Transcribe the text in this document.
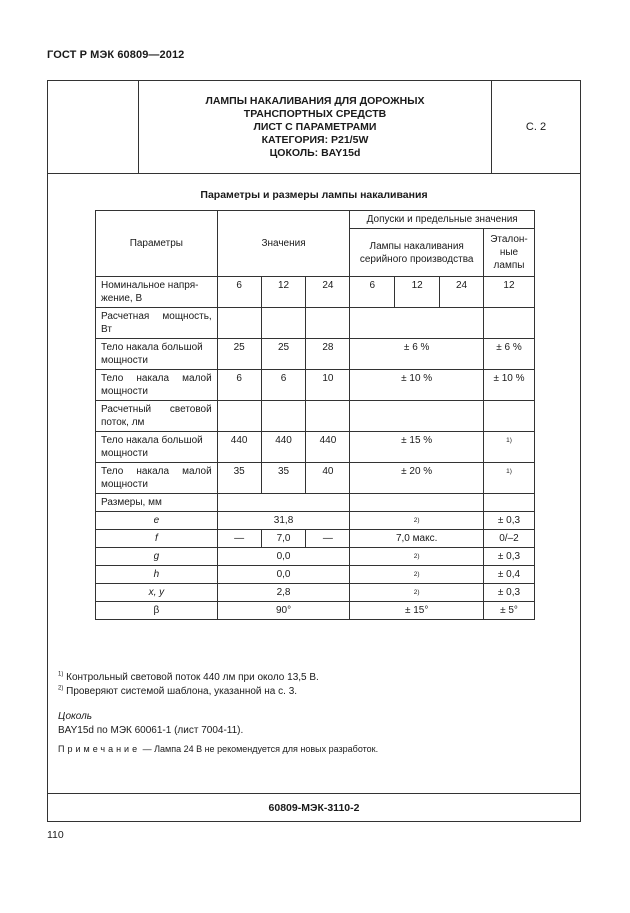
ГОСТ Р МЭК 60809—2012
ЛАМПЫ НАКАЛИВАНИЯ ДЛЯ ДОРОЖНЫХ
ТРАНСПОРТНЫХ СРЕДСТВ
ЛИСТ С ПАРАМЕТРАМИ
КАТЕГОРИЯ: P21/5W
ЦОКОЛЬ: BAY15d
С. 2
Параметры и размеры лампы накаливания
Параметры	Значения			Допуски и предельные значения			
				Лампы накаливания серийного производства			Эталон-ные лампы
Номинальное напря-жение, В	6	12	24	6	12	24	12
Расчетная мощность, Вт							
Тело накала большой мощности	25	25	28	± 6 %			± 6 %
Тело накала малой мощности	6	6	10	± 10 %			± 10 %
Расчетный световой поток, лм							
Тело накала большой мощности	440	440	440	± 15 %			1)
Тело накала малой мощности	35	35	40	± 20 %			1)
Размеры, мм							
e	31,8			2)			± 0,3
f	—	7,0	—	7,0 макс.			0/–2
g	0,0			2)			± 0,3
h	0,0			2)			± 0,4
x, y	2,8			2)			± 0,3
β	90°			± 15°			± 5°

$^{1)}$ Контрольный световой поток 440 лм при около 13,5 В.

$^{2)}$ Проверяют системой шаблона, указанной на с. 3.

Цоколь

BAY15d по МЭК 60061-1 (лист 7004-11).

Примечание — Лампа 24 В не рекомендуется для новых разработок.

60809-МЭК-3110-2
110
